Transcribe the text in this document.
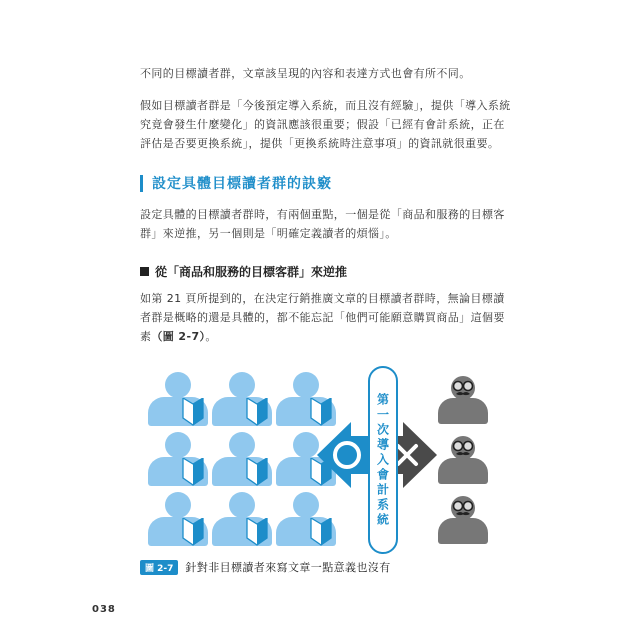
不同的目標讀者群，文章該呈現的內容和表達方式也會有所不同。

假如目標讀者群是「今後預定導入系統，而且沒有經驗」，提供「導入系統究竟會發生什麼變化」的資訊應該很重要；假設「已經有會計系統，正在評估是否要更換系統」，提供「更換系統時注意事項」的資訊就很重要。

設定具體目標讀者群的訣竅

設定具體的目標讀者群時，有兩個重點，一個是從「商品和服務的目標客群」來逆推，另一個則是「明確定義讀者的煩惱」。

從「商品和服務的目標客群」來逆推

如第 21 頁所提到的，在決定行銷推廣文章的目標讀者群時，無論目標讀者群是概略的還是具體的，都不能忘記「他們可能願意購買商品」這個要素（圖 2-7）。

第一次導入會計系統
圖 2-7	針對非目標讀者來寫文章一點意義也沒有
038
